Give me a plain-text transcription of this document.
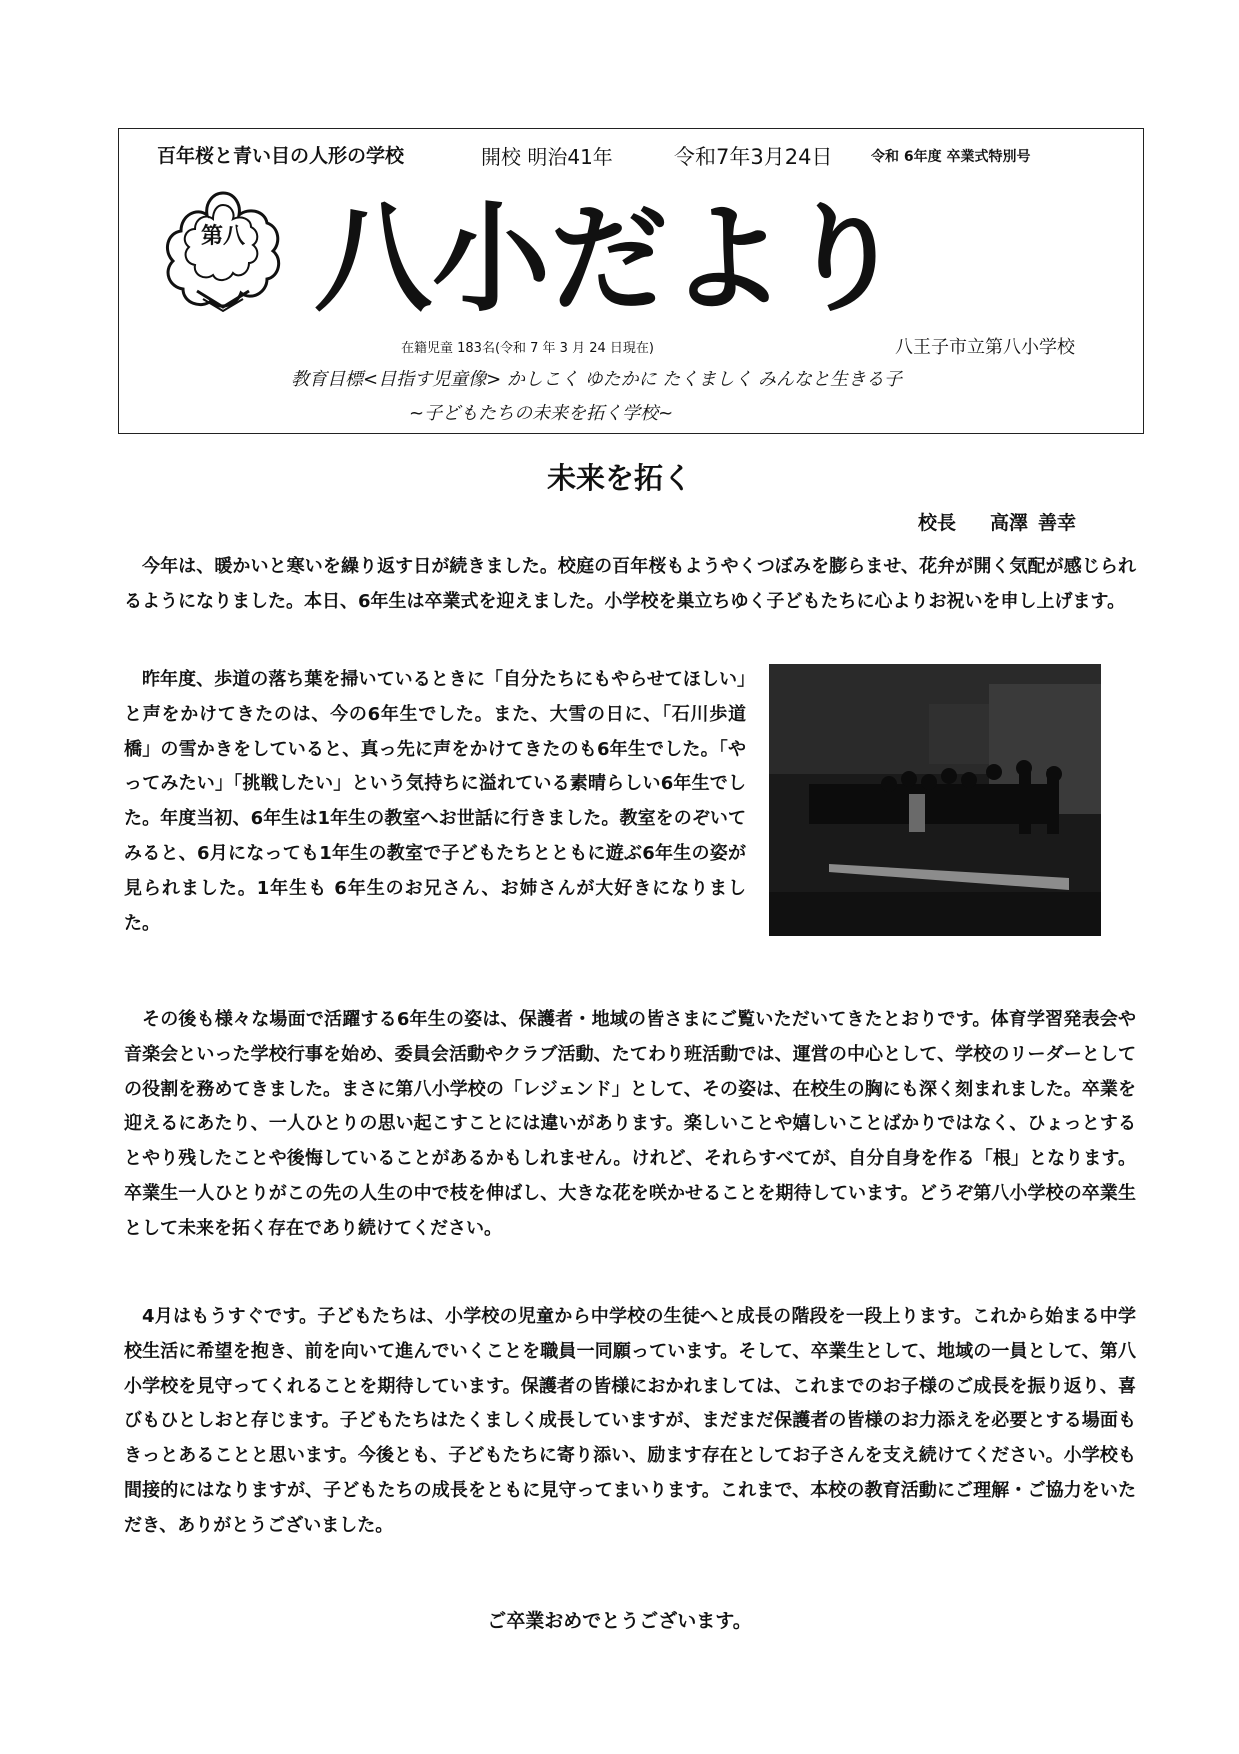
百年桜と青い目の人形の学校	開校 明治41年	令和7年3月24日	令和 6年度 卒業式特別号
第八 八小だより
在籍児童 183名(令和 7 年 3 月 24 日現在)	八王子市立第八小学校
教育目標<目指す児童像> かしこく ゆたかに たくましく みんなと生きる子
~子どもたちの未来を拓く学校~
未来を拓く
校長 高澤 善幸

今年は、暖かいと寒いを繰り返す日が続きました。校庭の百年桜もようやくつぼみを膨らませ、花弁が開く気配が感じられるようになりました。本日、6年生は卒業式を迎えました。小学校を巣立ちゆく子どもたちに心よりお祝いを申し上げます。

昨年度、歩道の落ち葉を掃いているときに「自分たちにもやらせてほしい」と声をかけてきたのは、今の6年生でした。また、大雪の日に、「石川歩道橋」の雪かきをしていると、真っ先に声をかけてきたのも6年生でした。「やってみたい」「挑戦したい」という気持ちに溢れている素晴らしい6年生でした。年度当初、6年生は1年生の教室へお世話に行きました。教室をのぞいてみると、6月になっても1年生の教室で子どもたちとともに遊ぶ6年生の姿が見られました。1年生も 6年生のお兄さん、お姉さんが大好きになりました。

その後も様々な場面で活躍する6年生の姿は、保護者・地域の皆さまにご覧いただいてきたとおりです。体育学習発表会や音楽会といった学校行事を始め、委員会活動やクラブ活動、たてわり班活動では、運営の中心として、学校のリーダーとしての役割を務めてきました。まさに第八小学校の「レジェンド」として、その姿は、在校生の胸にも深く刻まれました。卒業を迎えるにあたり、一人ひとりの思い起こすことには違いがあります。楽しいことや嬉しいことばかりではなく、ひょっとするとやり残したことや後悔していることがあるかもしれません。けれど、それらすべてが、自分自身を作る「根」となります。卒業生一人ひとりがこの先の人生の中で枝を伸ばし、大きな花を咲かせることを期待しています。どうぞ第八小学校の卒業生として未来を拓く存在であり続けてください。

4月はもうすぐです。子どもたちは、小学校の児童から中学校の生徒へと成長の階段を一段上ります。これから始まる中学校生活に希望を抱き、前を向いて進んでいくことを職員一同願っています。そして、卒業生として、地域の一員として、第八小学校を見守ってくれることを期待しています。保護者の皆様におかれましては、これまでのお子様のご成長を振り返り、喜びもひとしおと存じます。子どもたちはたくましく成長していますが、まだまだ保護者の皆様のお力添えを必要とする場面もきっとあることと思います。今後とも、子どもたちに寄り添い、励ます存在としてお子さんを支え続けてください。小学校も間接的にはなりますが、子どもたちの成長をともに見守ってまいります。これまで、本校の教育活動にご理解・ご協力をいただき、ありがとうございました。

ご卒業おめでとうございます。
